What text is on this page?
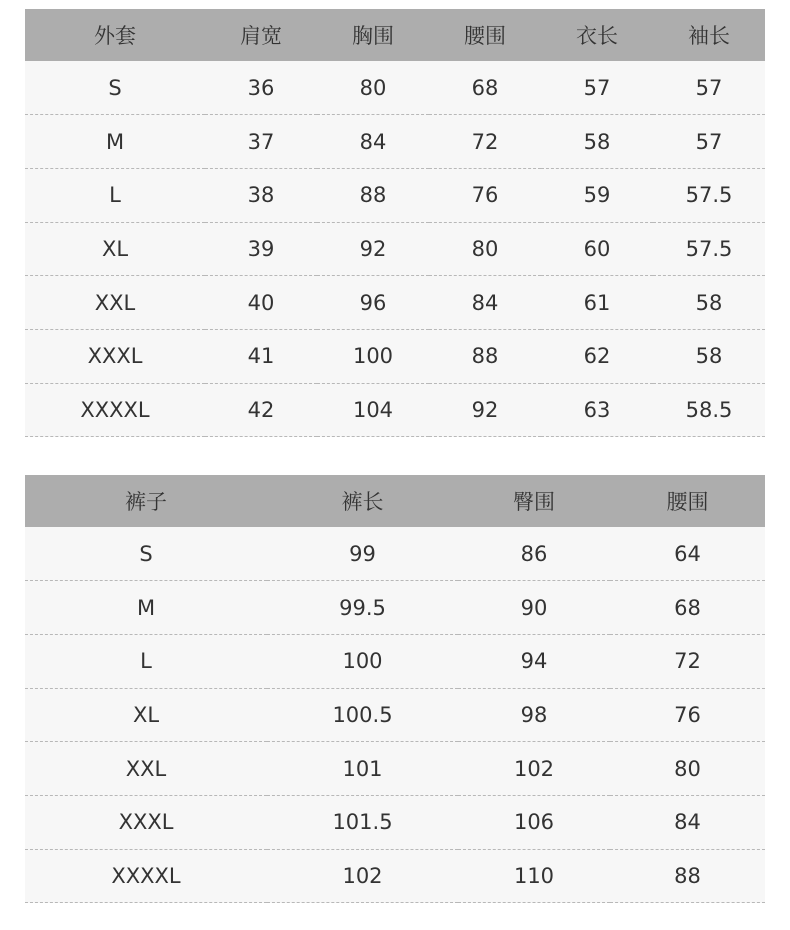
外套	肩宽	胸围	腰围	衣长	袖长
S	36	80	68	57	57
M	37	84	72	58	57
L	38	88	76	59	57.5
XL	39	92	80	60	57.5
XXL	40	96	84	61	58
XXXL	41	100	88	62	58
XXXXL	42	104	92	63	58.5
裤子	裤长	臀围	腰围
S	99	86	64
M	99.5	90	68
L	100	94	72
XL	100.5	98	76
XXL	101	102	80
XXXL	101.5	106	84
XXXXL	102	110	88
